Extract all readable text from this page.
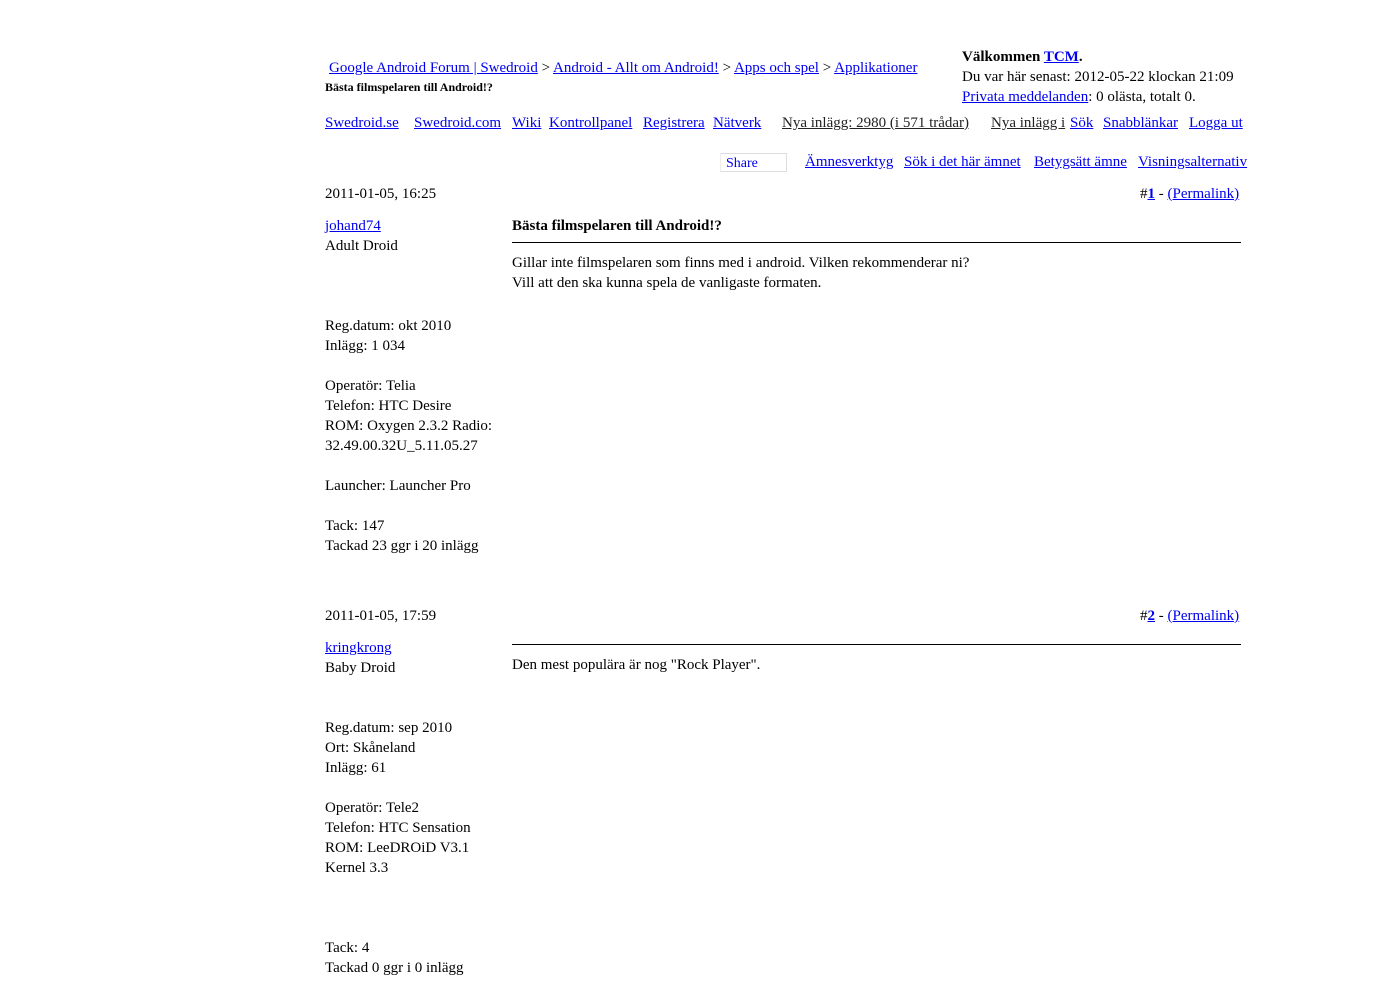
Google Android Forum | Swedroid > Android - Allt om Android! > Apps och spel > Applikationer
Bästa filmspelaren till Android!?
Välkommen TCM.
Du var här senast: 2012-05-22 klockan 21:09
Privata meddelanden: 0 olästa, totalt 0.
Swedroid.se Swedroid.com Wiki Kontrollpanel Registrera Nätverk Nya inlägg: 2980 (i 571 trådar) Nya inlägg i Sök Snabblänkar Logga ut
Share	Ämnesverktyg Sök i det här ämnet Betygsätt ämne Visningsalternativ
2011-01-05, 16:25	#1 - (Permalink)
johand74
Adult Droid
Reg.datum: okt 2010
Inlägg: 1 034
Operatör: Telia
Telefon: HTC Desire
ROM: Oxygen 2.3.2 Radio:
32.49.00.32U_5.11.05.27
Launcher: Launcher Pro
Tack: 147
Tackad 23 ggr i 20 inlägg
Bästa filmspelaren till Android!?
Gillar inte filmspelaren som finns med i android. Vilken rekommenderar ni?
Vill att den ska kunna spela de vanligaste formaten.
2011-01-05, 17:59	#2 - (Permalink)
kringkrong
Baby Droid
Reg.datum: sep 2010
Ort: Skåneland
Inlägg: 61
Operatör: Tele2
Telefon: HTC Sensation
ROM: LeeDROiD V3.1
Kernel 3.3
Tack: 4
Tackad 0 ggr i 0 inlägg
Den mest populära är nog "Rock Player".
